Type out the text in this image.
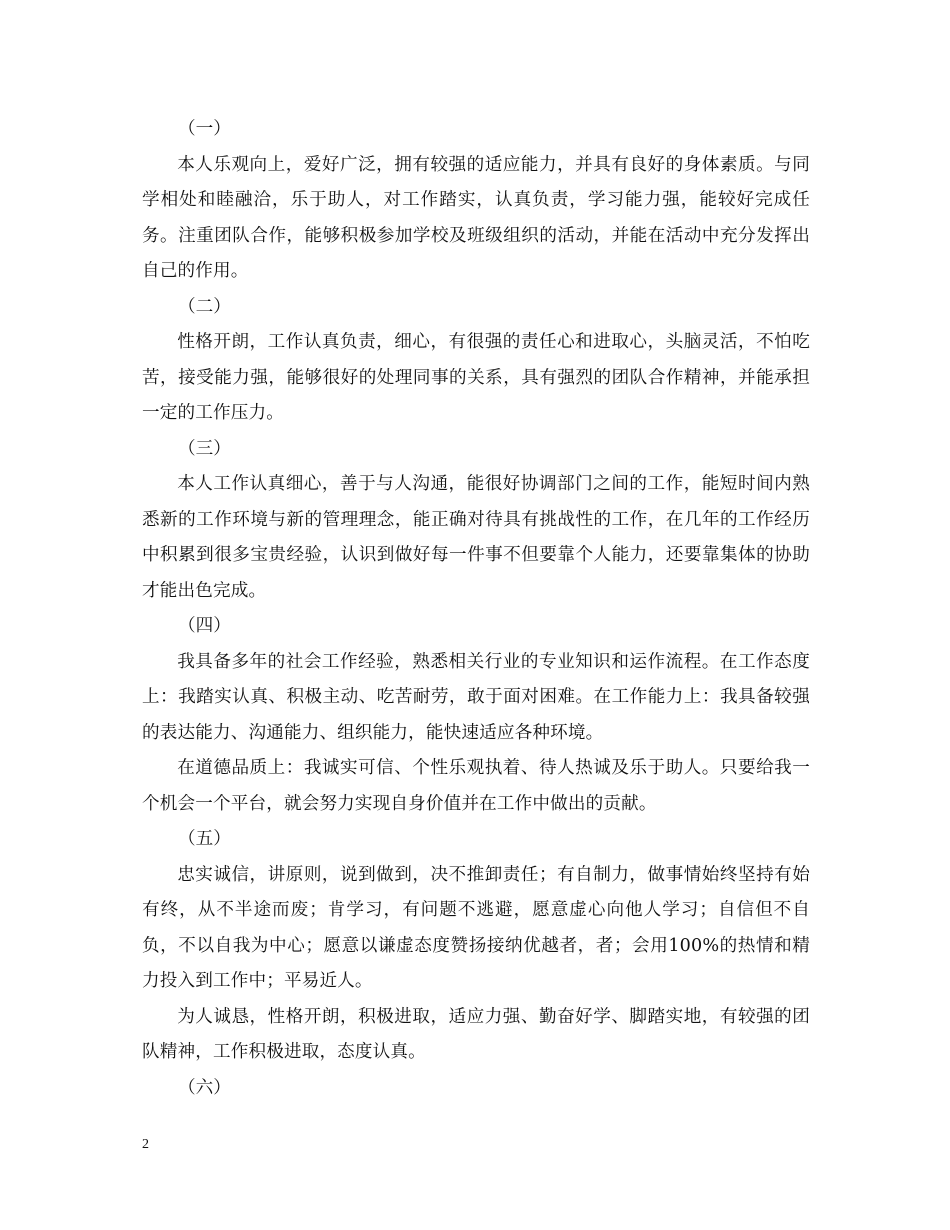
（一）

本人乐观向上，爱好广泛，拥有较强的适应能力，并具有良好的身体素质。与同学相处和睦融洽，乐于助人，对工作踏实，认真负责，学习能力强，能较好完成任务。注重团队合作，能够积极参加学校及班级组织的活动，并能在活动中充分发挥出自己的作用。

（二）

性格开朗，工作认真负责，细心，有很强的责任心和进取心，头脑灵活，不怕吃苦，接受能力强，能够很好的处理同事的关系，具有强烈的团队合作精神，并能承担一定的工作压力。

（三）

本人工作认真细心，善于与人沟通，能很好协调部门之间的工作，能短时间内熟悉新的工作环境与新的管理理念，能正确对待具有挑战性的工作，在几年的工作经历中积累到很多宝贵经验，认识到做好每一件事不但要靠个人能力，还要靠集体的协助才能出色完成。

（四）

我具备多年的社会工作经验，熟悉相关行业的专业知识和运作流程。在工作态度上：我踏实认真、积极主动、吃苦耐劳，敢于面对困难。在工作能力上：我具备较强的表达能力、沟通能力、组织能力，能快速适应各种环境。

在道德品质上：我诚实可信、个性乐观执着、待人热诚及乐于助人。只要给我一个机会一个平台，就会努力实现自身价值并在工作中做出的贡献。

（五）

忠实诚信，讲原则，说到做到，决不推卸责任；有自制力，做事情始终坚持有始有终，从不半途而废；肯学习，有问题不逃避，愿意虚心向他人学习；自信但不自负，不以自我为中心；愿意以谦虚态度赞扬接纳优越者，者；会用100%的热情和精力投入到工作中；平易近人。

为人诚恳，性格开朗，积极进取，适应力强、勤奋好学、脚踏实地，有较强的团队精神，工作积极进取，态度认真。

（六）

2
